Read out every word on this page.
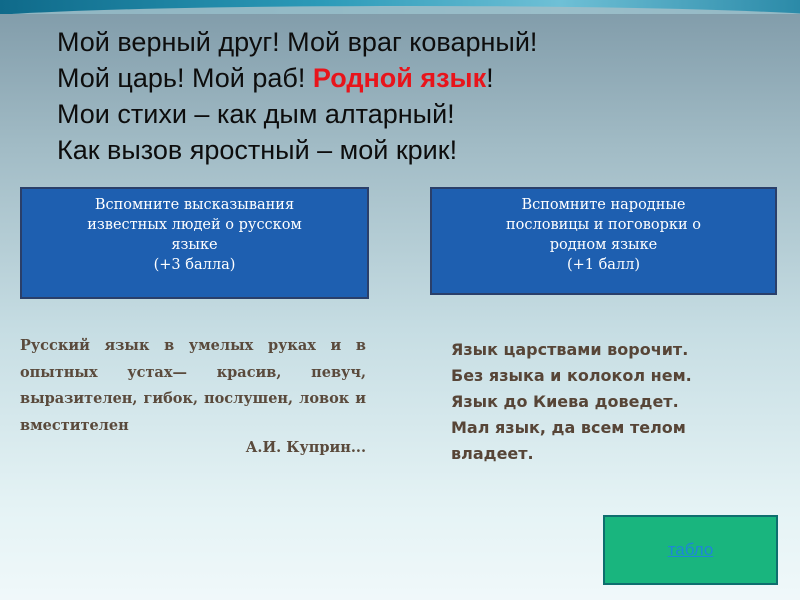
Мой верный друг! Мой враг коварный!
Мой царь! Мой раб! Родной язык!
Мои стихи – как дым алтарный!
Как вызов яростный – мой крик!
Вспомните высказывания
известных людей о русском
языке
(+3 балла)
Вспомните народные
пословицы и поговорки о
родном языке
(+1 балл)

Русский язык в умелых руках и в опытных устах— красив, певуч, выразителен, гибок, послушен, ловок и вместителен

А.И. Куприн...
Язык царствами ворочит.
Без языка и колокол нем.
Язык до Киева доведет.
Мал язык, да всем телом
владеет.
табло
